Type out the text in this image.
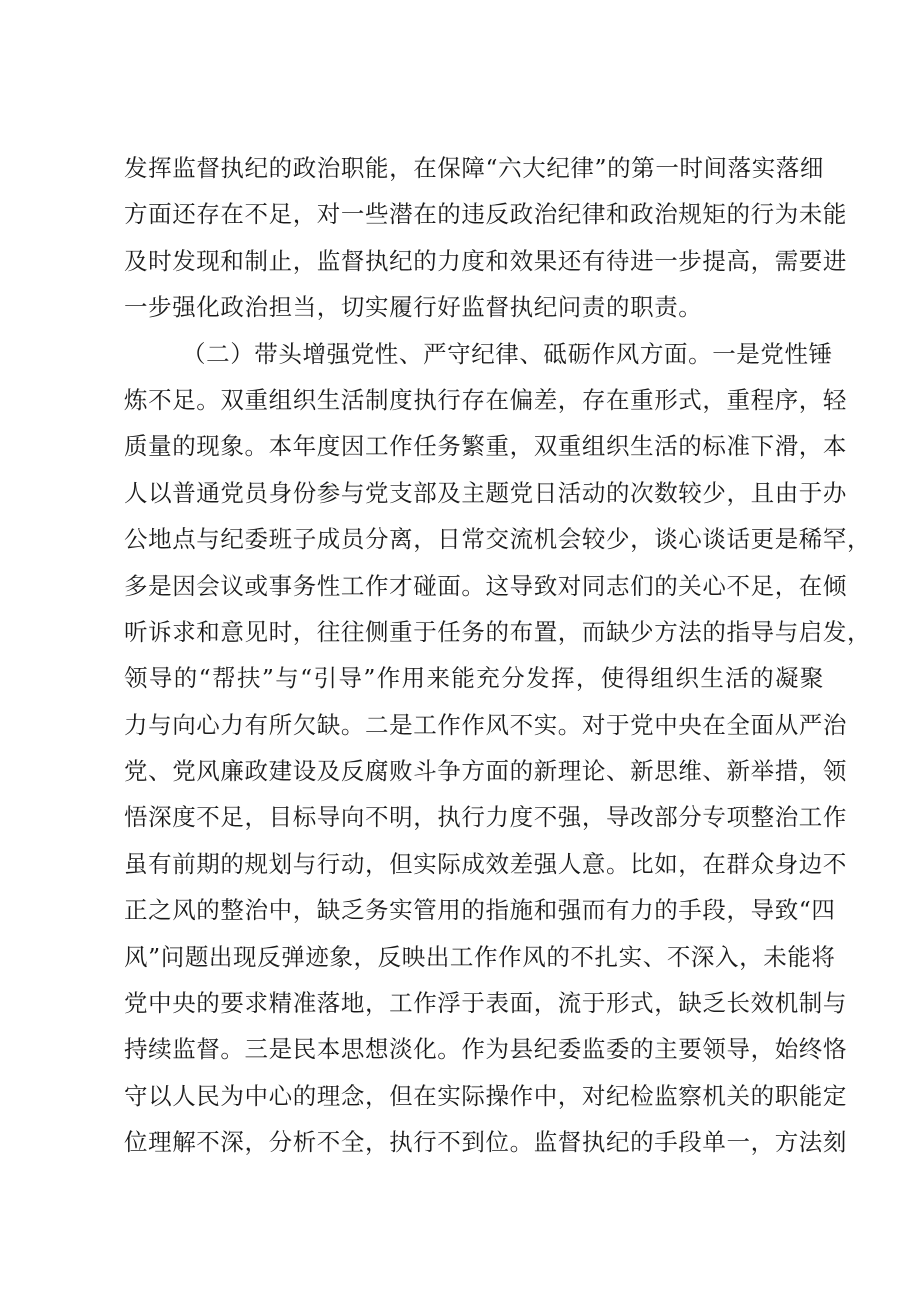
发挥监督执纪的政治职能，在保障“六大纪律”的第一时间落实落细
方面还存在不足，对一些潜在的违反政治纪律和政治规矩的行为未能
及时发现和制止，监督执纪的力度和效果还有待进一步提高，需要进
一步强化政治担当，切实履行好监督执纪问责的职责。
（二）带头增强党性、严守纪律、砥砺作风方面。一是党性锤
炼不足。双重组织生活制度执行存在偏差，存在重形式，重程序，轻
质量的现象。本年度因工作任务繁重，双重组织生活的标准下滑，本
人以普通党员身份参与党支部及主题党日活动的次数较少，且由于办
公地点与纪委班子成员分离，日常交流机会较少，谈心谈话更是稀罕，
多是因会议或事务性工作才碰面。这导致对同志们的关心不足，在倾
听诉求和意见时，往往侧重于任务的布置，而缺少方法的指导与启发，
领导的“帮扶”与“引导”作用来能充分发挥，使得组织生活的凝聚
力与向心力有所欠缺。二是工作作风不实。对于党中央在全面从严治
党、党风廉政建设及反腐败斗争方面的新理论、新思维、新举措，领
悟深度不足，目标导向不明，执行力度不强，导改部分专项整治工作
虽有前期的规划与行动，但实际成效差强人意。比如，在群众身边不
正之风的整治中，缺乏务实管用的指施和强而有力的手段，导致“四
风”问题出现反弹迹象，反映出工作作风的不扎实、不深入，未能将
党中央的要求精准落地，工作浮于表面，流于形式，缺乏长效机制与
持续监督。三是民本思想淡化。作为县纪委监委的主要领导，始终恪
守以人民为中心的理念，但在实际操作中，对纪检监察机关的职能定
位理解不深，分析不全，执行不到位。监督执纪的手段单一，方法刻
